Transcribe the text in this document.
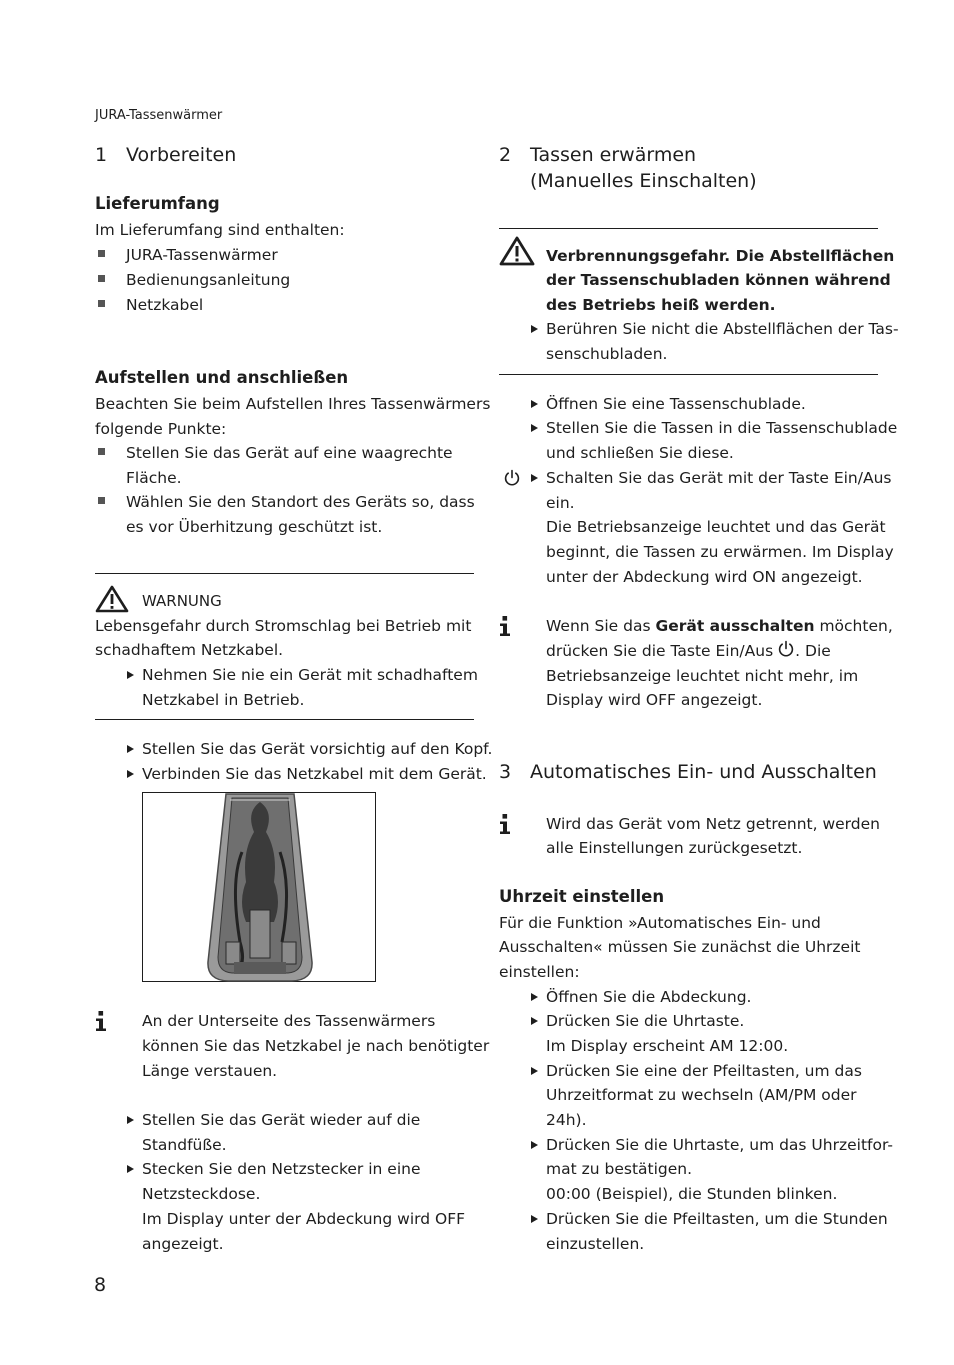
JURA-Tassenwärmer
8
1 Vorbereiten
Lieferumfang
Im Lieferumfang sind enthalten:
JURA-Tassenwärmer
Bedienungsanleitung
Netzkabel
Aufstellen und anschließen
Beachten Sie beim Aufstellen Ihres Tassenwärmers
folgende Punkte:
Stellen Sie das Gerät auf eine waagrechte
Fläche.
Wählen Sie den Standort des Geräts so, dass
es vor Überhitzung geschützt ist.
WARNUNG
Lebensgefahr durch Stromschlag bei Betrieb mit
schadhaftem Netzkabel.
Nehmen Sie nie ein Gerät mit schadhaftem
Netzkabel in Betrieb.
Stellen Sie das Gerät vorsichtig auf den Kopf.
Verbinden Sie das Netzkabel mit dem Gerät.
An der Unterseite des Tassenwärmers
können Sie das Netzkabel je nach benötigter
Länge verstauen.
Stellen Sie das Gerät wieder auf die
Standfüße.
Stecken Sie den Netzstecker in eine
Netzsteckdose.
Im Display unter der Abdeckung wird OFF
angezeigt.
2 Tassen erwärmen
(Manuelles Einschalten)
Verbrennungsgefahr. Die Abstellflächen
der Tassenschubladen können während
des Betriebs heiß werden.
Berühren Sie nicht die Abstellflächen der Tas-
senschubladen.
Öffnen Sie eine Tassenschublade.
Stellen Sie die Tassen in die Tassenschublade
und schließen Sie diese.
Schalten Sie das Gerät mit der Taste Ein/Aus
ein.
Die Betriebsanzeige leuchtet und das Gerät
beginnt, die Tassen zu erwärmen. Im Display
unter der Abdeckung wird ON angezeigt.
Wenn Sie das Gerät ausschalten möchten,
drücken Sie die Taste Ein/Aus . Die
Betriebsanzeige leuchtet nicht mehr, im
Display wird OFF angezeigt.
3 Automatisches Ein- und Ausschalten
Wird das Gerät vom Netz getrennt, werden
alle Einstellungen zurückgesetzt.
Uhrzeit einstellen
Für die Funktion »Automatisches Ein- und
Ausschalten« müssen Sie zunächst die Uhrzeit
einstellen:
Öffnen Sie die Abdeckung.
Drücken Sie die Uhrtaste.
Im Display erscheint AM 12:00.
Drücken Sie eine der Pfeiltasten, um das
Uhrzeitformat zu wechseln (AM/PM oder
24h).
Drücken Sie die Uhrtaste, um das Uhrzeitfor-
mat zu bestätigen.
00:00 (Beispiel), die Stunden blinken.
Drücken Sie die Pfeiltasten, um die Stunden
einzustellen.
